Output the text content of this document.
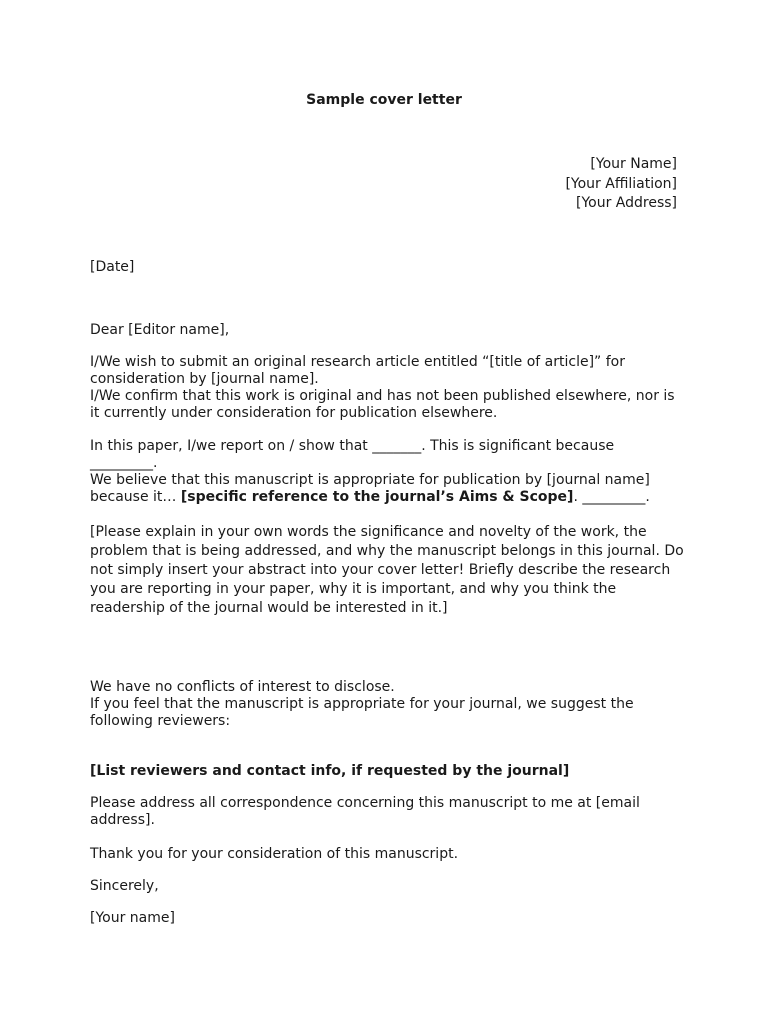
Sample cover letter
[Your Name]
[Your Affiliation]
[Your Address]
[Date]
Dear [Editor name],
I/We wish to submit an original research article entitled “[title of article]” for
consideration by [journal name].
I/We confirm that this work is original and has not been published elsewhere, nor is
it currently under consideration for publication elsewhere.
In this paper, I/we report on / show that _______. This is significant because
_________.
We believe that this manuscript is appropriate for publication by [journal name]
because it… [specific reference to the journal’s Aims & Scope]. _________.
[Please explain in your own words the significance and novelty of the work, the
problem that is being addressed, and why the manuscript belongs in this journal. Do
not simply insert your abstract into your cover letter! Briefly describe the research
you are reporting in your paper, why it is important, and why you think the
readership of the journal would be interested in it.]
We have no conflicts of interest to disclose.
If you feel that the manuscript is appropriate for your journal, we suggest the
following reviewers:
[List reviewers and contact info, if requested by the journal]
Please address all correspondence concerning this manuscript to me at [email
address].
Thank you for your consideration of this manuscript.
Sincerely,
[Your name]
